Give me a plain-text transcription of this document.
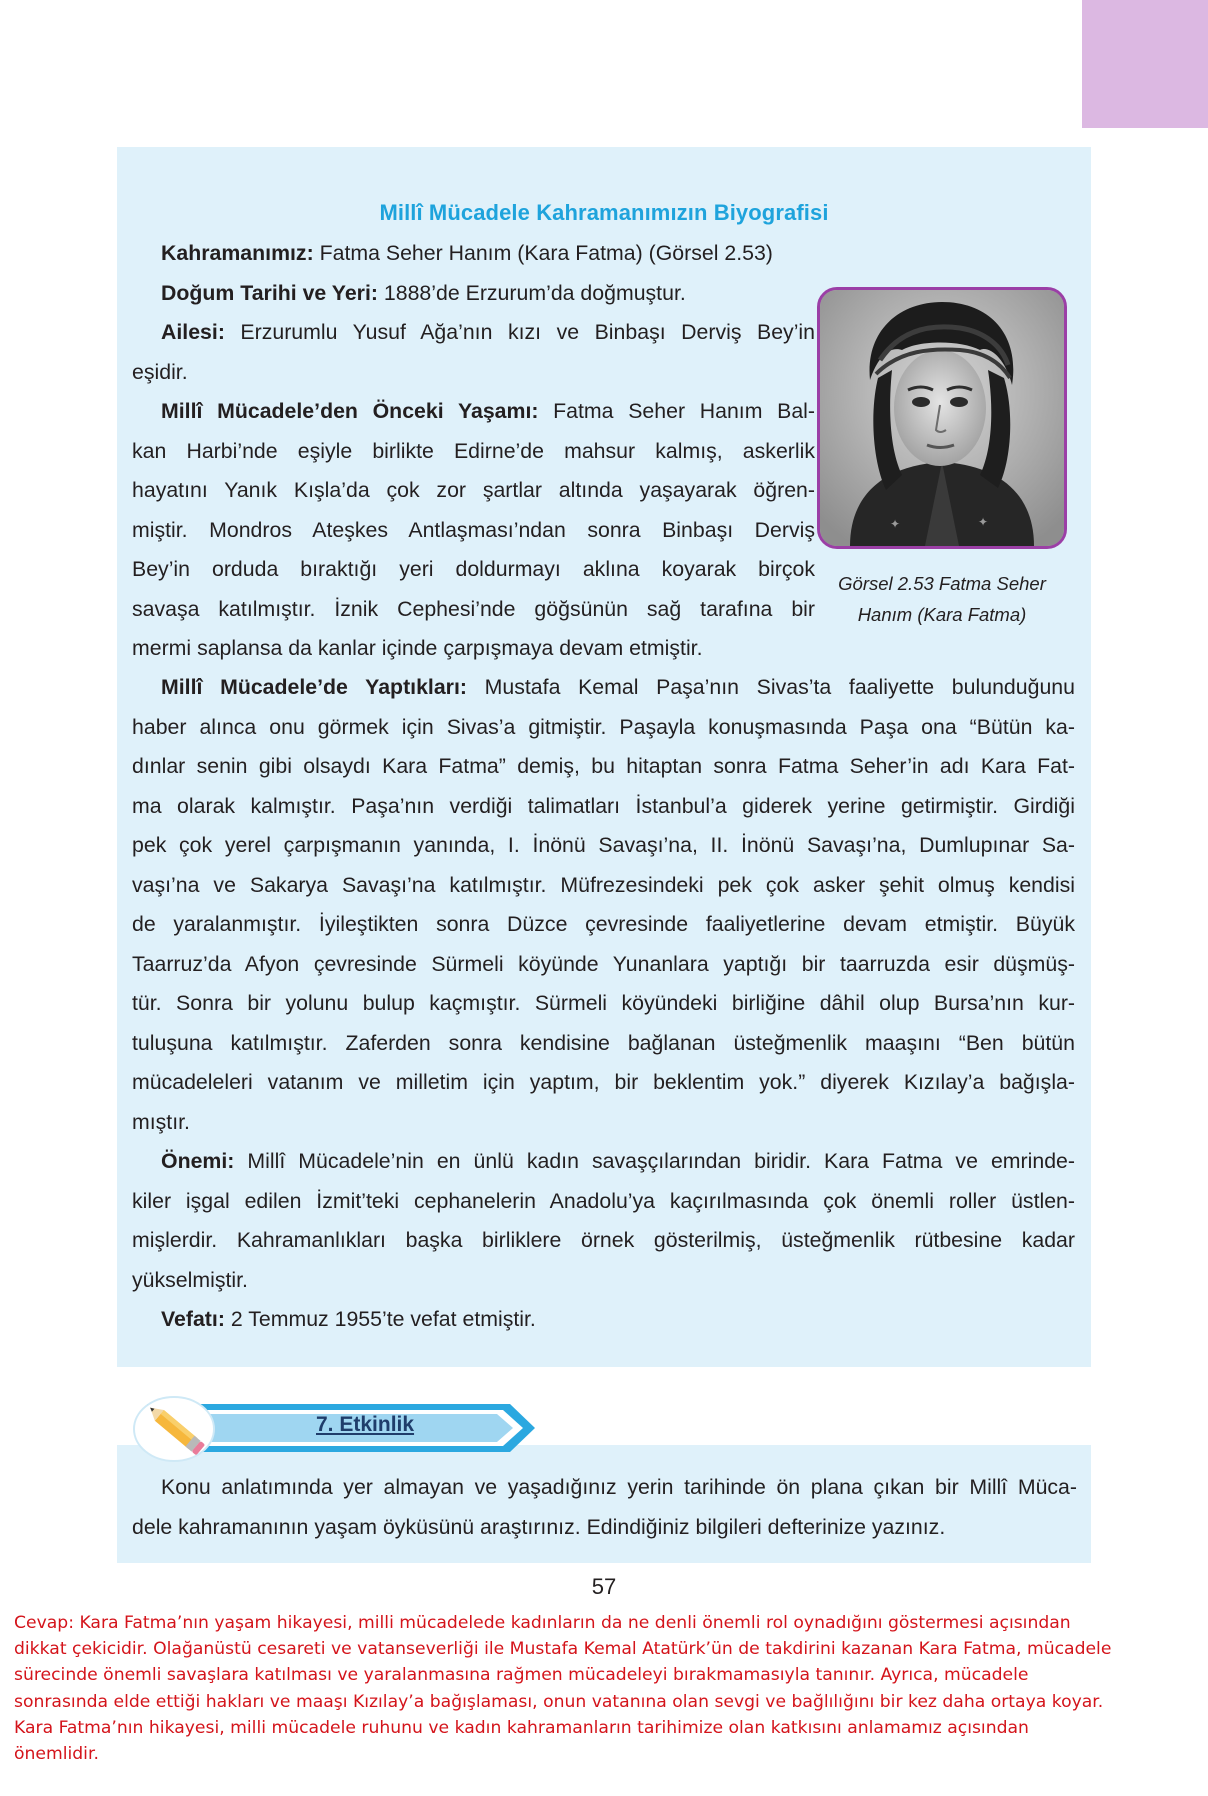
Millî Mücadele Kahramanımızın Biyografisi

Kahramanımız: Fatma Seher Hanım (Kara Fatma) (Görsel 2.53)

Doğum Tarihi ve Yeri: 1888’de Erzurum’da doğmuştur.

Ailesi: Erzurumlu Yusuf Ağa’nın kızı ve Binbaşı Derviş Bey’in
eşidir.

Millî Mücadele’den Önceki Yaşamı: Fatma Seher Hanım Bal-
kan Harbi’nde eşiyle birlikte Edirne’de mahsur kalmış, askerlik
hayatını Yanık Kışla’da çok zor şartlar altında yaşayarak öğren-
miştir. Mondros Ateşkes Antlaşması’ndan sonra Binbaşı Derviş
Bey’in orduda bıraktığı yeri doldurmayı aklına koyarak birçok
savaşa katılmıştır. İznik Cephesi’nde göğsünün sağ tarafına bir
mermi saplansa da kanlar içinde çarpışmaya devam etmiştir.

Millî Mücadele’de Yaptıkları: Mustafa Kemal Paşa’nın Sivas’ta faaliyette bulunduğunu
haber alınca onu görmek için Sivas’a gitmiştir. Paşayla konuşmasında Paşa ona “Bütün ka-
dınlar senin gibi olsaydı Kara Fatma” demiş, bu hitaptan sonra Fatma Seher’in adı Kara Fat-
ma olarak kalmıştır. Paşa’nın verdiği talimatları İstanbul’a giderek yerine getirmiştir. Girdiği
pek çok yerel çarpışmanın yanında, I. İnönü Savaşı’na, II. İnönü Savaşı’na, Dumlupınar Sa-
vaşı’na ve Sakarya Savaşı’na katılmıştır. Müfrezesindeki pek çok asker şehit olmuş kendisi
de yaralanmıştır. İyileştikten sonra Düzce çevresinde faaliyetlerine devam etmiştir. Büyük
Taarruz’da Afyon çevresinde Sürmeli köyünde Yunanlara yaptığı bir taarruzda esir düşmüş-
tür. Sonra bir yolunu bulup kaçmıştır. Sürmeli köyündeki birliğine dâhil olup Bursa’nın kur-
tuluşuna katılmıştır. Zaferden sonra kendisine bağlanan üsteğmenlik maaşını “Ben bütün
mücadeleleri vatanım ve milletim için yaptım, bir beklentim yok.” diyerek Kızılay’a bağışla-
mıştır.

Önemi: Millî Mücadele’nin en ünlü kadın savaşçılarından biridir. Kara Fatma ve emrinde-
kiler işgal edilen İzmit’teki cephanelerin Anadolu’ya kaçırılmasında çok önemli roller üstlen-
mişlerdir. Kahramanlıkları başka birliklere örnek gösterilmiş, üsteğmenlik rütbesine kadar
yükselmiştir.

Vefatı: 2 Temmuz 1955’te vefat etmiştir.

✦	✦
Görsel 2.53 Fatma Seher
Hanım (Kara Fatma)
7. Etkinlik
Konu anlatımında yer almayan ve yaşadığınız yerin tarihinde ön plana çıkan bir Millî Müca-
dele kahramanının yaşam öyküsünü araştırınız. Edindiğiniz bilgileri defterinize yazınız.
57
Cevap: Kara Fatma’nın yaşam hikayesi, milli mücadelede kadınların da ne denli önemli rol oynadığını göstermesi açısından
dikkat çekicidir. Olağanüstü cesareti ve vatanseverliği ile Mustafa Kemal Atatürk’ün de takdirini kazanan Kara Fatma, mücadele
sürecinde önemli savaşlara katılması ve yaralanmasına rağmen mücadeleyi bırakmamasıyla tanınır. Ayrıca, mücadele
sonrasında elde ettiği hakları ve maaşı Kızılay’a bağışlaması, onun vatanına olan sevgi ve bağlılığını bir kez daha ortaya koyar.
Kara Fatma’nın hikayesi, milli mücadele ruhunu ve kadın kahramanların tarihimize olan katkısını anlamamız açısından
önemlidir.
